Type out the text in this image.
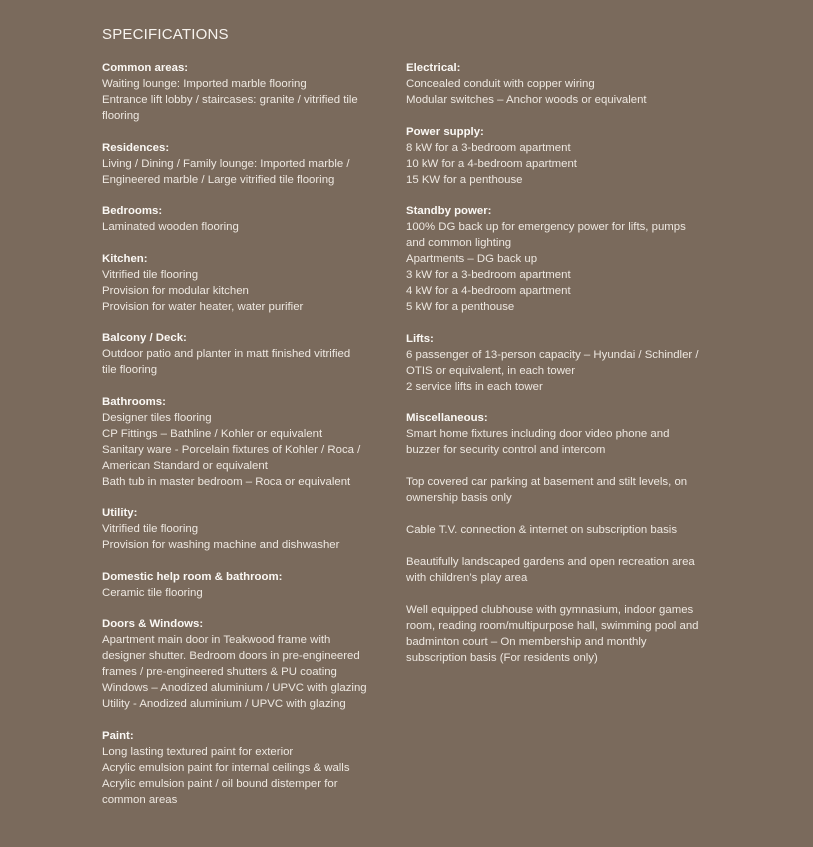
SPECIFICATIONS
Common areas:
Waiting lounge: Imported marble flooring
Entrance lift lobby / staircases: granite / vitrified tile
flooring
Residences:
Living / Dining / Family lounge: Imported marble /
Engineered marble / Large vitrified tile flooring
Bedrooms:
Laminated wooden flooring
Kitchen:
Vitrified tile flooring
Provision for modular kitchen
Provision for water heater, water purifier
Balcony / Deck:
Outdoor patio and planter in matt finished vitrified
tile flooring
Bathrooms:
Designer tiles flooring
CP Fittings – Bathline / Kohler or equivalent
Sanitary ware - Porcelain fixtures of Kohler / Roca /
American Standard or equivalent
Bath tub in master bedroom – Roca or equivalent
Utility:
Vitrified tile flooring
Provision for washing machine and dishwasher
Domestic help room & bathroom:
Ceramic tile flooring
Doors & Windows:
Apartment main door in Teakwood frame with
designer shutter. Bedroom doors in pre-engineered
frames / pre-engineered shutters & PU coating
Windows – Anodized aluminium / UPVC with glazing
Utility - Anodized aluminium / UPVC with glazing
Paint:
Long lasting textured paint for exterior
Acrylic emulsion paint for internal ceilings & walls
Acrylic emulsion paint / oil bound distemper for
common areas
Electrical:
Concealed conduit with copper wiring
Modular switches – Anchor woods or equivalent
Power supply:
8 kW for a 3-bedroom apartment
10 kW for a 4-bedroom apartment
15 KW for a penthouse
Standby power:
100% DG back up for emergency power for lifts, pumps
and common lighting
Apartments – DG back up
3 kW for a 3-bedroom apartment
4 kW for a 4-bedroom apartment
5 kW for a penthouse
Lifts:
6 passenger of 13-person capacity – Hyundai / Schindler /
OTIS or equivalent, in each tower
2 service lifts in each tower
Miscellaneous:
Smart home fixtures including door video phone and
buzzer for security control and intercom
Top covered car parking at basement and stilt levels, on
ownership basis only
Cable T.V. connection & internet on subscription basis
Beautifully landscaped gardens and open recreation area
with children’s play area
Well equipped clubhouse with gymnasium, indoor games
room, reading room/multipurpose hall, swimming pool and
badminton court – On membership and monthly
subscription basis (For residents only)
